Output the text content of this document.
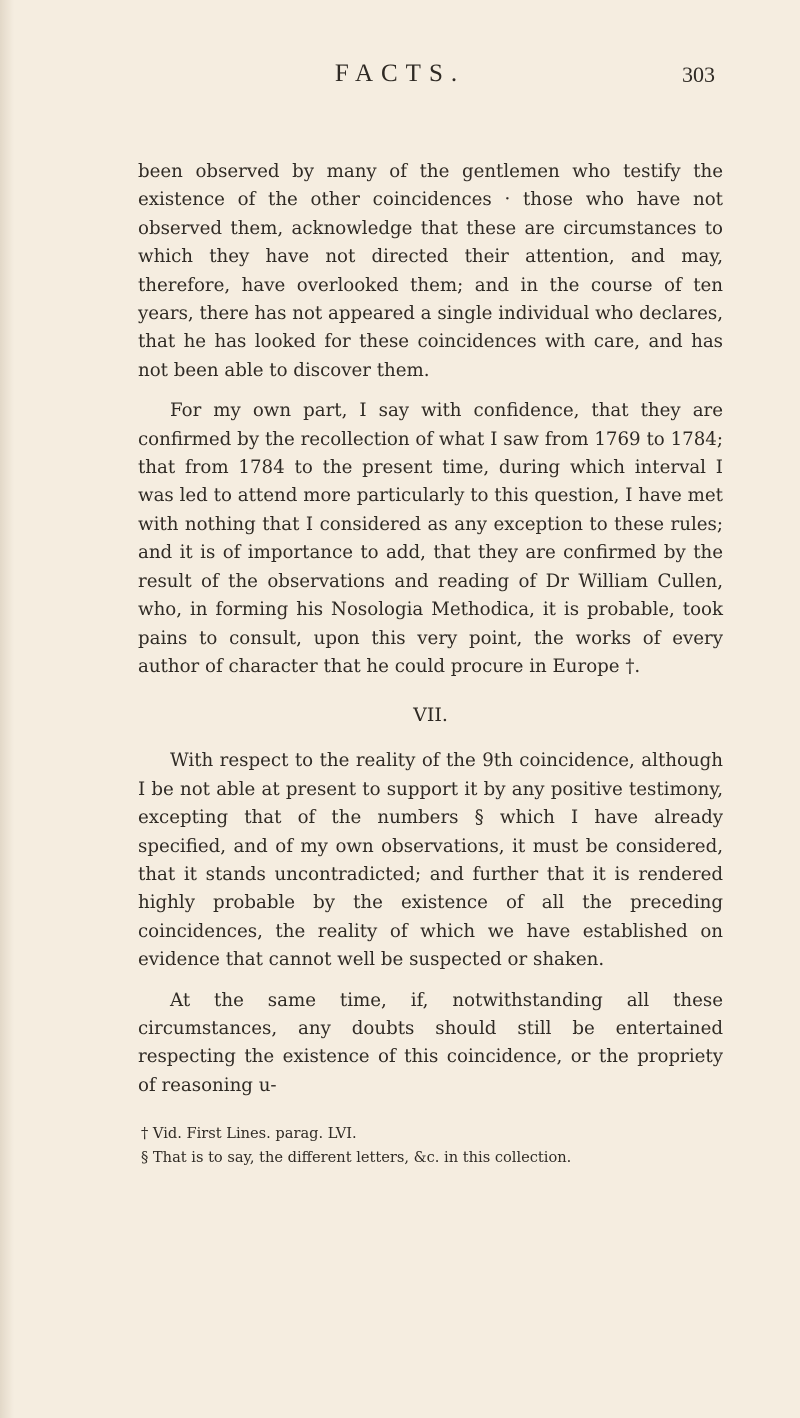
FACTS.	303

been observed by many of the gentlemen who testify the existence of the other coincidences · those who have not observed them, acknowledge that these are circumstances to which they have not directed their attention, and may, therefore, have overlooked them; and in the course of ten years, there has not appeared a single individual who declares, that he has looked for these coincidences with care, and has not been able to discover them.

For my own part, I say with confidence, that they are confirmed by the recollection of what I saw from 1769 to 1784; that from 1784 to the present time, during which interval I was led to attend more particularly to this question, I have met with nothing that I considered as any exception to these rules; and it is of importance to add, that they are confirmed by the result of the observations and reading of Dr William Cullen, who, in forming his Nosologia Methodica, it is probable, took pains to consult, upon this very point, the works of every author of character that he could procure in Europe †.

VII.

With respect to the reality of the 9th coincidence, although I be not able at present to support it by any positive testimony, excepting that of the numbers § which I have already specified, and of my own observations, it must be considered, that it stands uncontradicted; and further that it is rendered highly probable by the existence of all the preceding coincidences, the reality of which we have established on evidence that cannot well be suspected or shaken.

At the same time, if, notwithstanding all these circumstances, any doubts should still be entertained respecting the existence of this coincidence, or the propriety of reasoning u-

† Vid. First Lines. parag. LVI.

§ That is to say, the different letters, &c. in this collection.
